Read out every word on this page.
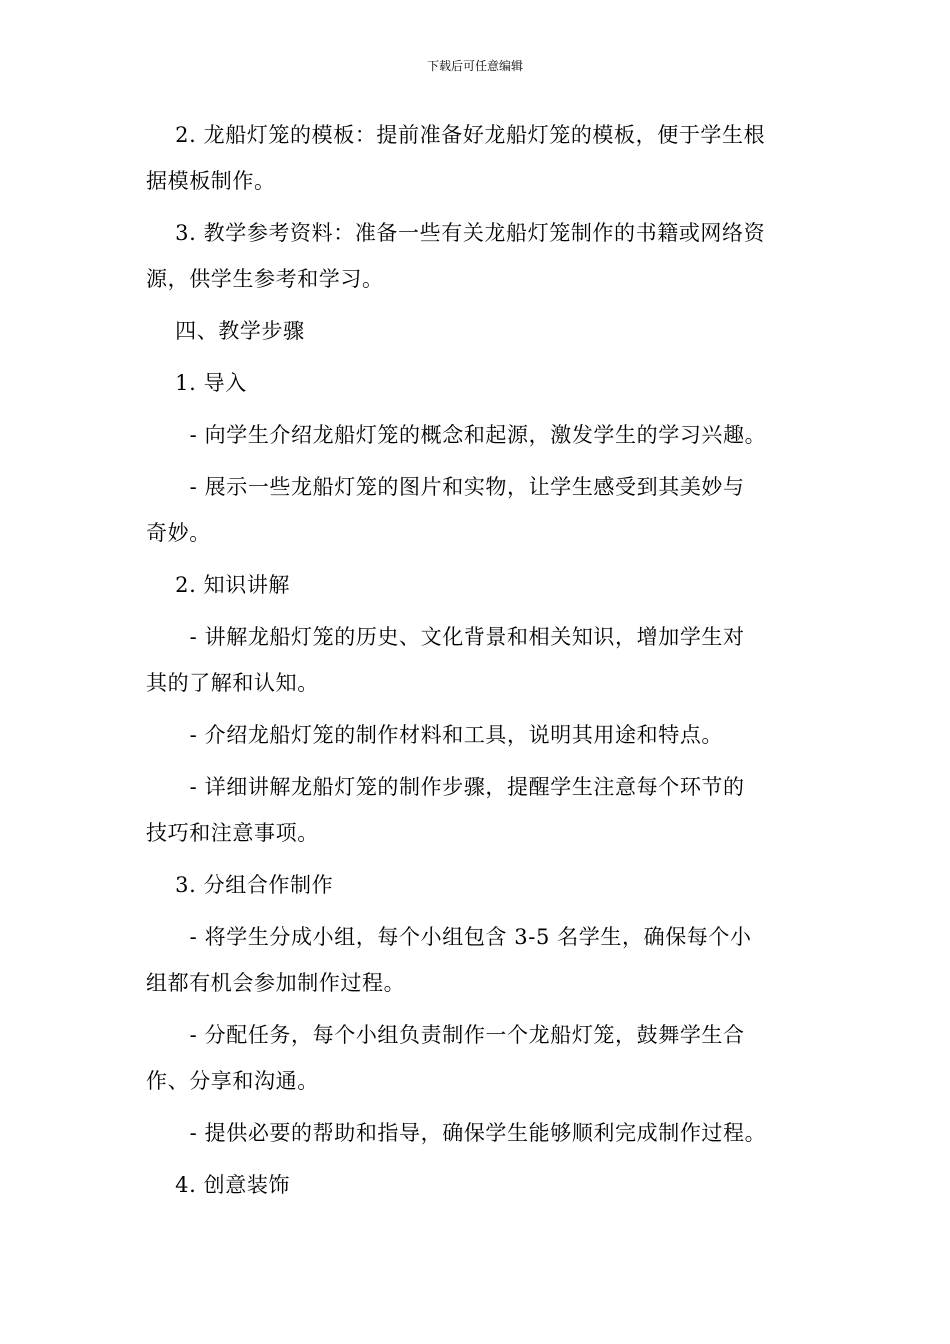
下载后可任意编辑

2. 龙船灯笼的模板：提前准备好龙船灯笼的模板，便于学生根
据模板制作。

3. 教学参考资料：准备一些有关龙船灯笼制作的书籍或网络资
源，供学生参考和学习。

四、教学步骤

1. 导入

- 向学生介绍龙船灯笼的概念和起源，激发学生的学习兴趣。

- 展示一些龙船灯笼的图片和实物，让学生感受到其美妙与
奇妙。

2. 知识讲解

- 讲解龙船灯笼的历史、文化背景和相关知识，增加学生对
其的了解和认知。

- 介绍龙船灯笼的制作材料和工具，说明其用途和特点。

- 详细讲解龙船灯笼的制作步骤，提醒学生注意每个环节的
技巧和注意事项。

3. 分组合作制作

- 将学生分成小组，每个小组包含 3-5 名学生，确保每个小
组都有机会参加制作过程。

- 分配任务，每个小组负责制作一个龙船灯笼，鼓舞学生合
作、分享和沟通。

- 提供必要的帮助和指导，确保学生能够顺利完成制作过程。

4. 创意装饰
